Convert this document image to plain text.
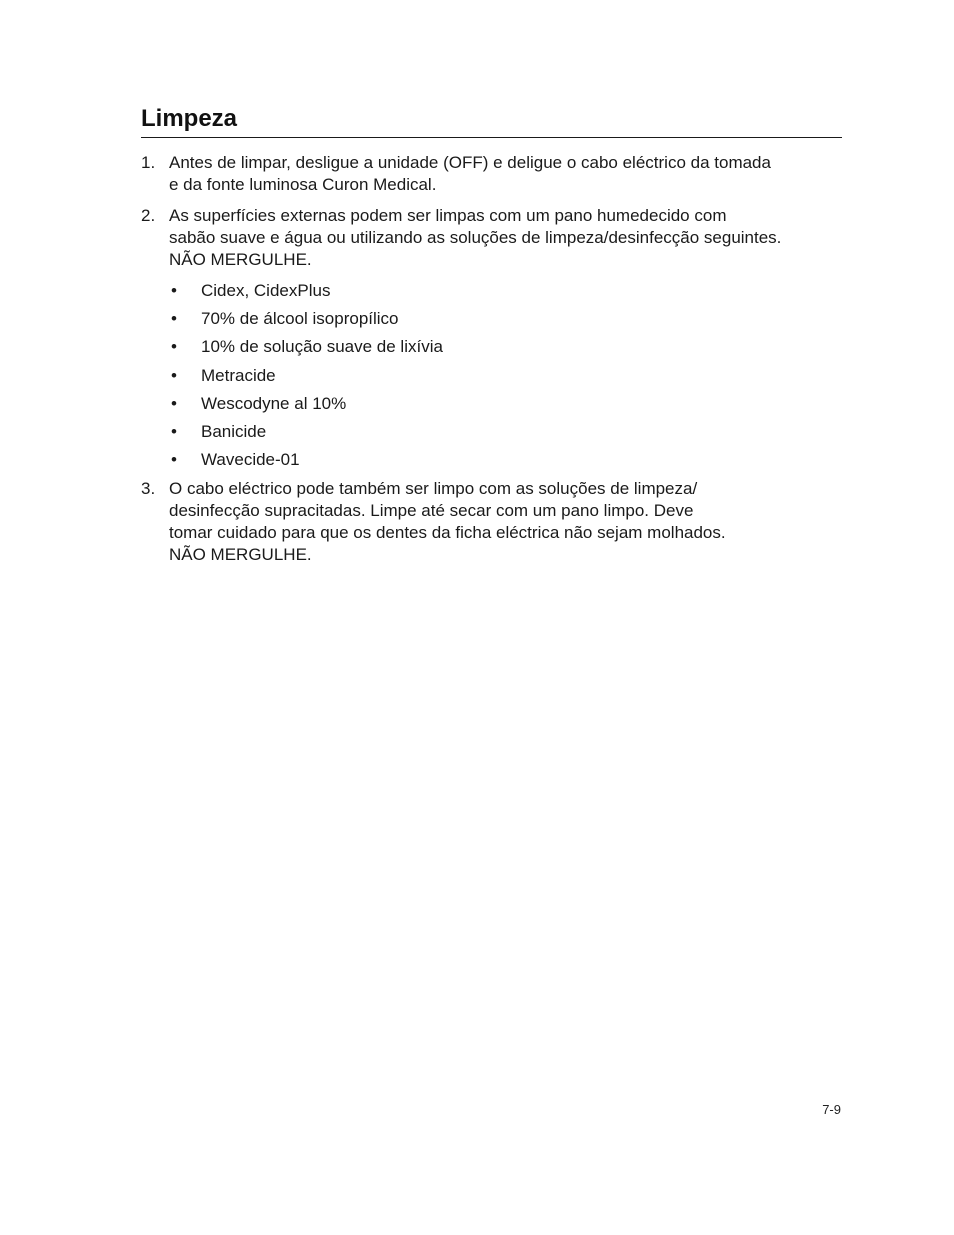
Limpeza
1. Antes de limpar, desligue a unidade (OFF) e deligue o cabo eléctrico da tomada
e da fonte luminosa Curon Medical.
2. As superfícies externas podem ser limpas com um pano humedecido com
sabão suave e água ou utilizando as soluções de limpeza/desinfecção seguintes.
NÃO MERGULHE.
• Cidex, CidexPlus
• 70% de álcool isopropílico
• 10% de solução suave de lixívia
• Metracide
• Wescodyne al 10%
• Banicide
• Wavecide-01
3. O cabo eléctrico pode também ser limpo com as soluções de limpeza/
desinfecção supracitadas. Limpe até secar com um pano limpo. Deve
tomar cuidado para que os dentes da ficha eléctrica não sejam molhados.
NÃO MERGULHE.
7-9
